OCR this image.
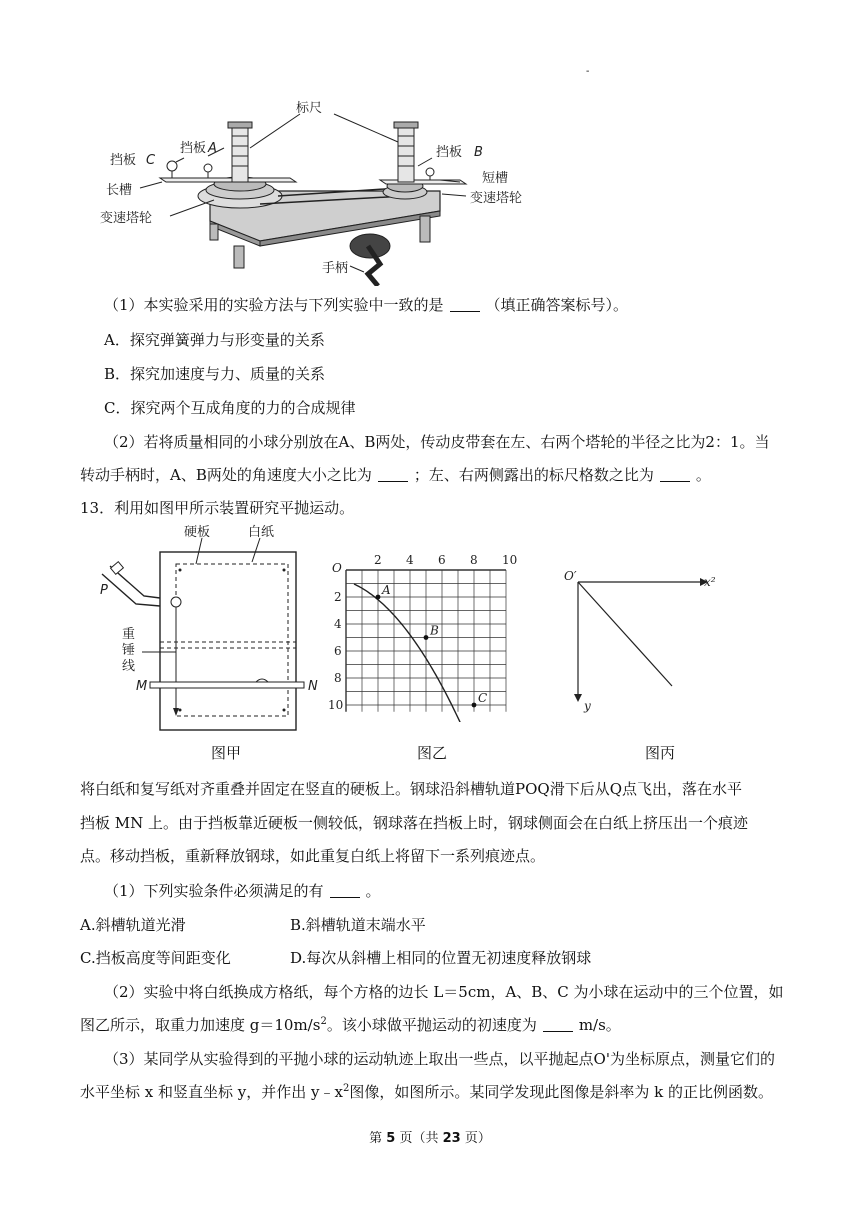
-
标尺
挡板 A	挡板 B
挡板 C
长槽
短槽
变速塔轮
变速塔轮
手柄
（1）本实验采用的实验方法与下列实验中一致的是	（填正确答案标号）。
A．探究弹簧弹力与形变量的关系
B．探究加速度与力、质量的关系
C．探究两个互成角度的力的合成规律
（2）若将质量相同的小球分别放在A、B两处，传动皮带套在左、右两个塔轮的半径之比为2：1。当
转动手柄时，A、B两处的角速度大小之比为	；左、右两侧露出的标尺格数之比为	。
13．利用如图甲所示装置研究平抛运动。
硬板	白纸
P
重
锤
线
M	N
图甲
A
B
C
O
2 4 6 8 10
2
4
6
8
10
图乙
O′	x²
y
图丙
将白纸和复写纸对齐重叠并固定在竖直的硬板上。钢球沿斜槽轨道POQ滑下后从Q点飞出，落在水平
挡板 MN 上。由于挡板靠近硬板一侧较低，钢球落在挡板上时，钢球侧面会在白纸上挤压出一个痕迹
点。移动挡板，重新释放钢球，如此重复白纸上将留下一系列痕迹点。
（1）下列实验条件必须满足的有	。
A.斜槽轨道光滑	B.斜槽轨道末端水平
C.挡板高度等间距变化	D.每次从斜槽上相同的位置无初速度释放钢球
（2）实验中将白纸换成方格纸，每个方格的边长 L＝5cm，A、B、C 为小球在运动中的三个位置，如
图乙所示，取重力加速度 $g=10m/s^2$。该小球做平抛运动的初速度为	m/s。
（3）某同学从实验得到的平抛小球的运动轨迹上取出一些点，以平抛起点O'为坐标原点，测量它们的
水平坐标 x 和竖直坐标 y，并作出 $y﹣x^2$图像，如图所示。某同学发现此图像是斜率为 k 的正比例函数。
第 5 页（共 23 页）
